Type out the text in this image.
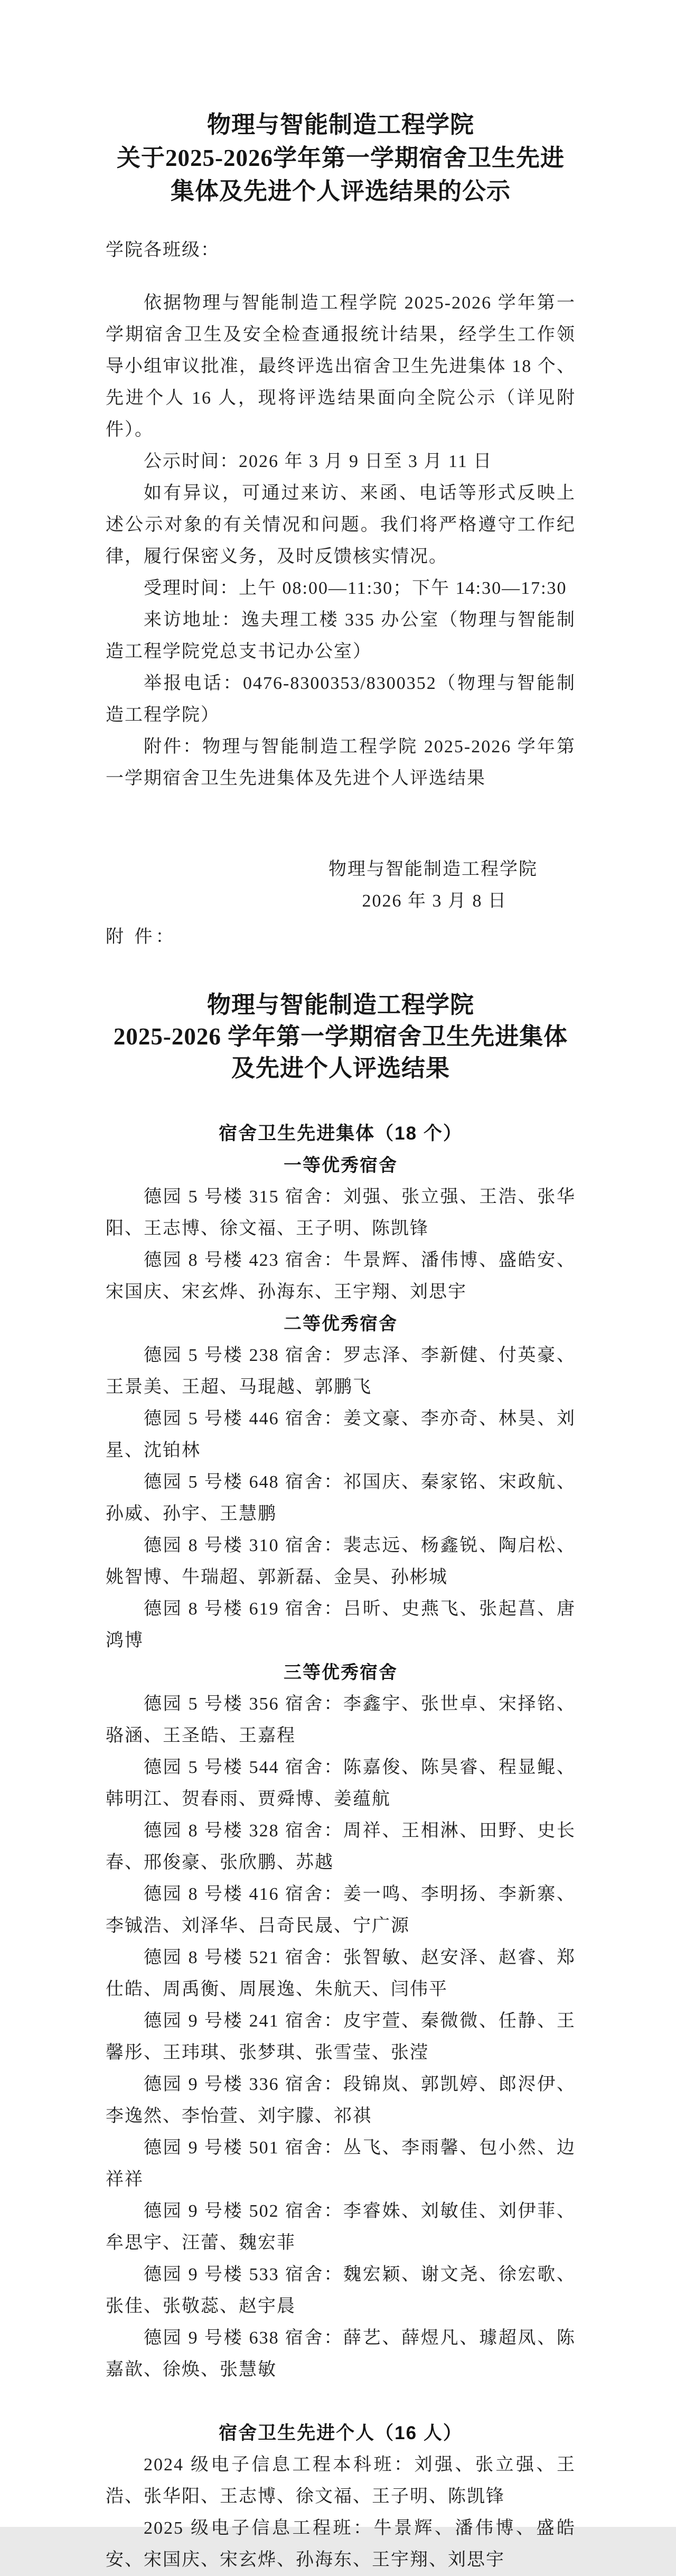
物理与智能制造工程学院
关于2025-2026学年第一学期宿舍卫生先进
集体及先进个人评选结果的公示

学院各班级：

依据物理与智能制造工程学院 2025-2026 学年第一学期宿舍卫生及安全检查通报统计结果，经学生工作领导小组审议批准，最终评选出宿舍卫生先进集体 18 个、先进个人 16 人，现将评选结果面向全院公示（详见附件）。

公示时间：2026 年 3 月 9 日至 3 月 11 日

如有异议，可通过来访、来函、电话等形式反映上述公示对象的有关情况和问题。我们将严格遵守工作纪律，履行保密义务，及时反馈核实情况。

受理时间：上午 08:00—11:30；下午 14:30—17:30

来访地址：逸夫理工楼 335 办公室（物理与智能制造工程学院党总支书记办公室）

举报电话：0476-8300353/8300352（物理与智能制造工程学院）

附件：物理与智能制造工程学院 2025-2026 学年第一学期宿舍卫生先进集体及先进个人评选结果

物理与智能制造工程学院
2026 年 3 月 8 日
附 件：
物理与智能制造工程学院
2025-2026 学年第一学期宿舍卫生先进集体
及先进个人评选结果
宿舍卫生先进集体（18 个）
一等优秀宿舍

德园 5 号楼 315 宿舍：刘强、张立强、王浩、张华阳、王志博、徐文福、王子明、陈凯锋

德园 8 号楼 423 宿舍：牛景辉、潘伟博、盛皓安、宋国庆、宋玄烨、孙海东、王宇翔、刘思宇

二等优秀宿舍

德园 5 号楼 238 宿舍：罗志泽、李新健、付英豪、王景美、王超、马琨越、郭鹏飞

德园 5 号楼 446 宿舍：姜文豪、李亦奇、林昊、刘星、沈铂林

德园 5 号楼 648 宿舍：祁国庆、秦家铭、宋政航、孙威、孙宇、王慧鹏

德园 8 号楼 310 宿舍：裴志远、杨鑫锐、陶启松、姚智博、牛瑞超、郭新磊、金昊、孙彬城

德园 8 号楼 619 宿舍：吕昕、史燕飞、张起菖、唐鸿博

三等优秀宿舍

德园 5 号楼 356 宿舍：李鑫宇、张世卓、宋择铭、骆涵、王圣皓、王嘉程

德园 5 号楼 544 宿舍：陈嘉俊、陈昊睿、程显鲲、韩明江、贺春雨、贾舜博、姜蕴航

德园 8 号楼 328 宿舍：周祥、王相淋、田野、史长春、邢俊豪、张欣鹏、苏越

德园 8 号楼 416 宿舍：姜一鸣、李明扬、李新寨、李铖浩、刘泽华、吕奇民晟、宁广源

德园 8 号楼 521 宿舍：张智敏、赵安泽、赵睿、郑仕皓、周禹衡、周展逸、朱航天、闫伟平

德园 9 号楼 241 宿舍：皮宇萱、秦微微、任静、王馨彤、王玮琪、张梦琪、张雪莹、张滢

德园 9 号楼 336 宿舍：段锦岚、郭凯婷、郎浕伊、李逸然、李怡萱、刘宇朦、祁祺

德园 9 号楼 501 宿舍：丛飞、李雨馨、包小然、边祥祥

德园 9 号楼 502 宿舍：李睿姝、刘敏佳、刘伊菲、牟思宇、汪蕾、魏宏菲

德园 9 号楼 533 宿舍：魏宏颖、谢文尧、徐宏歌、张佳、张敬蕊、赵宇晨

德园 9 号楼 638 宿舍：薛艺、薛煜凡、璩超凤、陈嘉歆、徐焕、张慧敏

宿舍卫生先进个人（16 人）

2024 级电子信息工程本科班：刘强、张立强、王浩、张华阳、王志博、徐文福、王子明、陈凯锋

2025 级电子信息工程班：牛景辉、潘伟博、盛皓安、宋国庆、宋玄烨、孙海东、王宇翔、刘思宇
